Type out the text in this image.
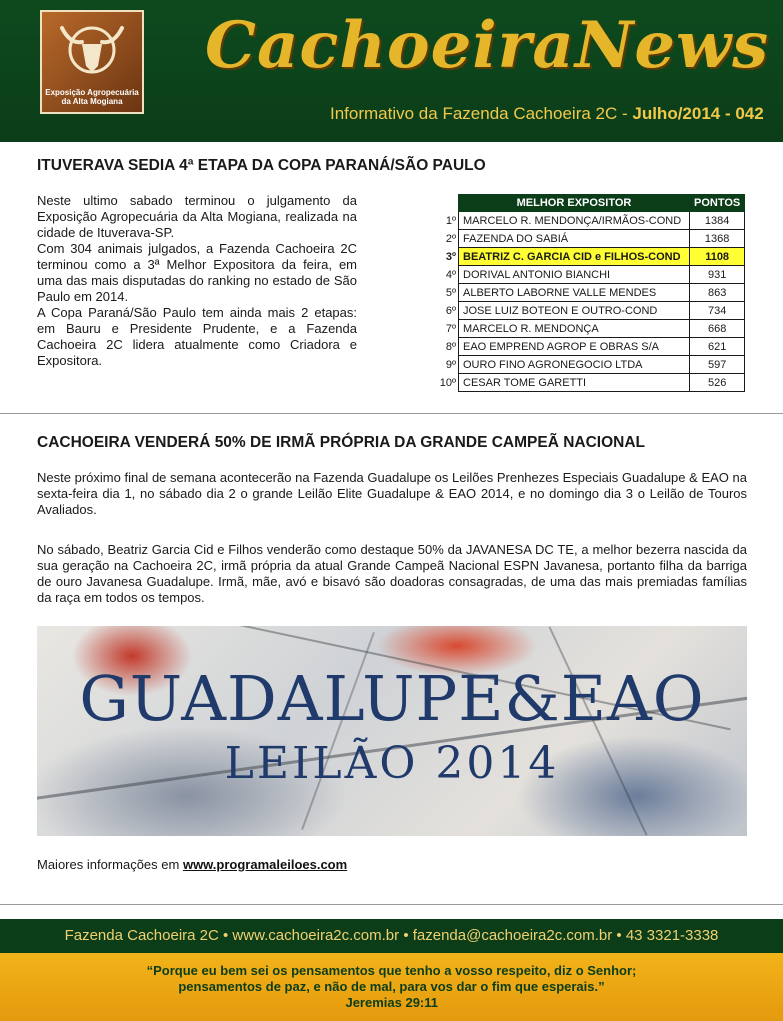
Exposição Agropecuária
da Alta Mogiana
CachoeiraNews
Informativo da Fazenda Cachoeira 2C - Julho/2014 - 042
ITUVERAVA SEDIA 4ª ETAPA DA COPA PARANÁ/SÃO PAULO

Neste ultimo sabado terminou o julgamento da Exposição Agropecuária da Alta Mogiana, realizada na cidade de Ituverava-SP.

Com 304 animais julgados, a Fazenda Cachoeira 2C terminou como a 3ª Melhor Expositora da feira, em uma das mais disputadas do ranking no estado de São Paulo em 2014.

A Copa Paraná/São Paulo tem ainda mais 2 etapas: em Bauru e Presidente Prudente, e a Fazenda Cachoeira 2C lidera atualmente como Criadora e Expositora.

	MELHOR EXPOSITOR	PONTOS
1º	MARCELO R. MENDONÇA/IRMÃOS-COND	1384
2º	FAZENDA DO SABIÁ	1368
3º	BEATRIZ C. GARCIA CID e FILHOS-COND	1108
4º	DORIVAL ANTONIO BIANCHI	931
5º	ALBERTO LABORNE VALLE MENDES	863
6º	JOSE LUIZ BOTEON E OUTRO-COND	734
7º	MARCELO R. MENDONÇA	668
8º	EAO EMPREND AGROP E OBRAS S/A	621
9º	OURO FINO AGRONEGOCIO LTDA	597
10º	CESAR TOME GARETTI	526
CACHOEIRA VENDERÁ 50% DE IRMÃ PRÓPRIA DA GRANDE CAMPEÃ NACIONAL

Neste próximo final de semana acontecerão na Fazenda Guadalupe os Leilões Prenhezes Especiais Guadalupe & EAO na sexta-feira dia 1, no sábado dia 2 o grande Leilão Elite Guadalupe & EAO 2014, e no domingo dia 3 o Leilão de Touros Avaliados.

No sábado, Beatriz Garcia Cid e Filhos venderão como destaque 50% da JAVANESA DC TE, a melhor bezerra nascida da sua geração na Cachoeira 2C, irmã própria da atual Grande Campeã Nacional ESPN Javanesa, portanto filha da barriga de ouro Javanesa Guadalupe. Irmã, mãe, avó e bisavó são doadoras consagradas, de uma das mais premiadas famílias da raça em todos os tempos.

GUADALUPE&EAO
LEILÃO 2014
Maiores informações em www.programaleiloes.com
Fazenda Cachoeira 2C • www.cachoeira2c.com.br • fazenda@cachoeira2c.com.br • 43 3321-3338
“Porque eu bem sei os pensamentos que tenho a vosso respeito, diz o Senhor;
pensamentos de paz, e não de mal, para vos dar o fim que esperais.”
Jeremias 29:11
